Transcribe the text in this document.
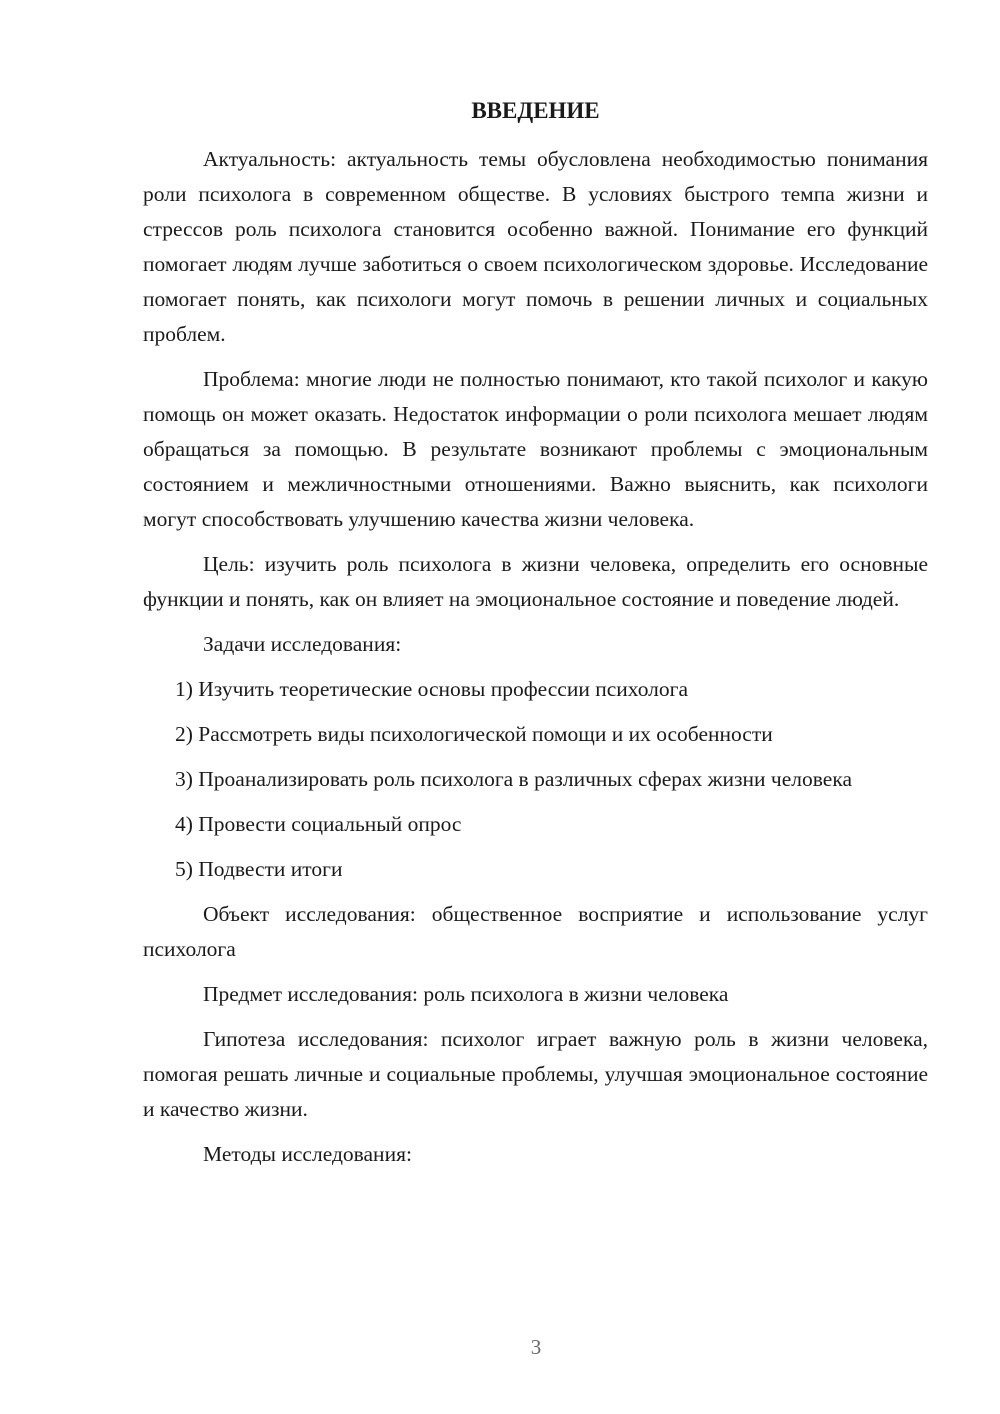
ВВЕДЕНИЕ

Актуальность: актуальность темы обусловлена необходимостью понимания роли психолога в современном обществе. В условиях быстрого темпа жизни и стрессов роль психолога становится особенно важной. Понимание его функций помогает людям лучше заботиться о своем психологическом здоровье. Исследование помогает понять, как психологи могут помочь в решении личных и социальных проблем.

Проблема: многие люди не полностью понимают, кто такой психолог и какую помощь он может оказать. Недостаток информации о роли психолога мешает людям обращаться за помощью. В результате возникают проблемы с эмоциональным состоянием и межличностными отношениями. Важно выяснить, как психологи могут способствовать улучшению качества жизни человека.

Цель: изучить роль психолога в жизни человека, определить его основные функции и понять, как он влияет на эмоциональное состояние и поведение людей.

Задачи исследования:

1) Изучить теоретические основы профессии психолога

2) Рассмотреть виды психологической помощи и их особенности

3) Проанализировать роль психолога в различных сферах жизни человека

4) Провести социальный опрос

5) Подвести итоги

Объект исследования: общественное восприятие и использование услуг психолога

Предмет исследования: роль психолога в жизни человека

Гипотеза исследования: психолог играет важную роль в жизни человека, помогая решать личные и социальные проблемы, улучшая эмоциональное состояние и качество жизни.

Методы исследования:

3
